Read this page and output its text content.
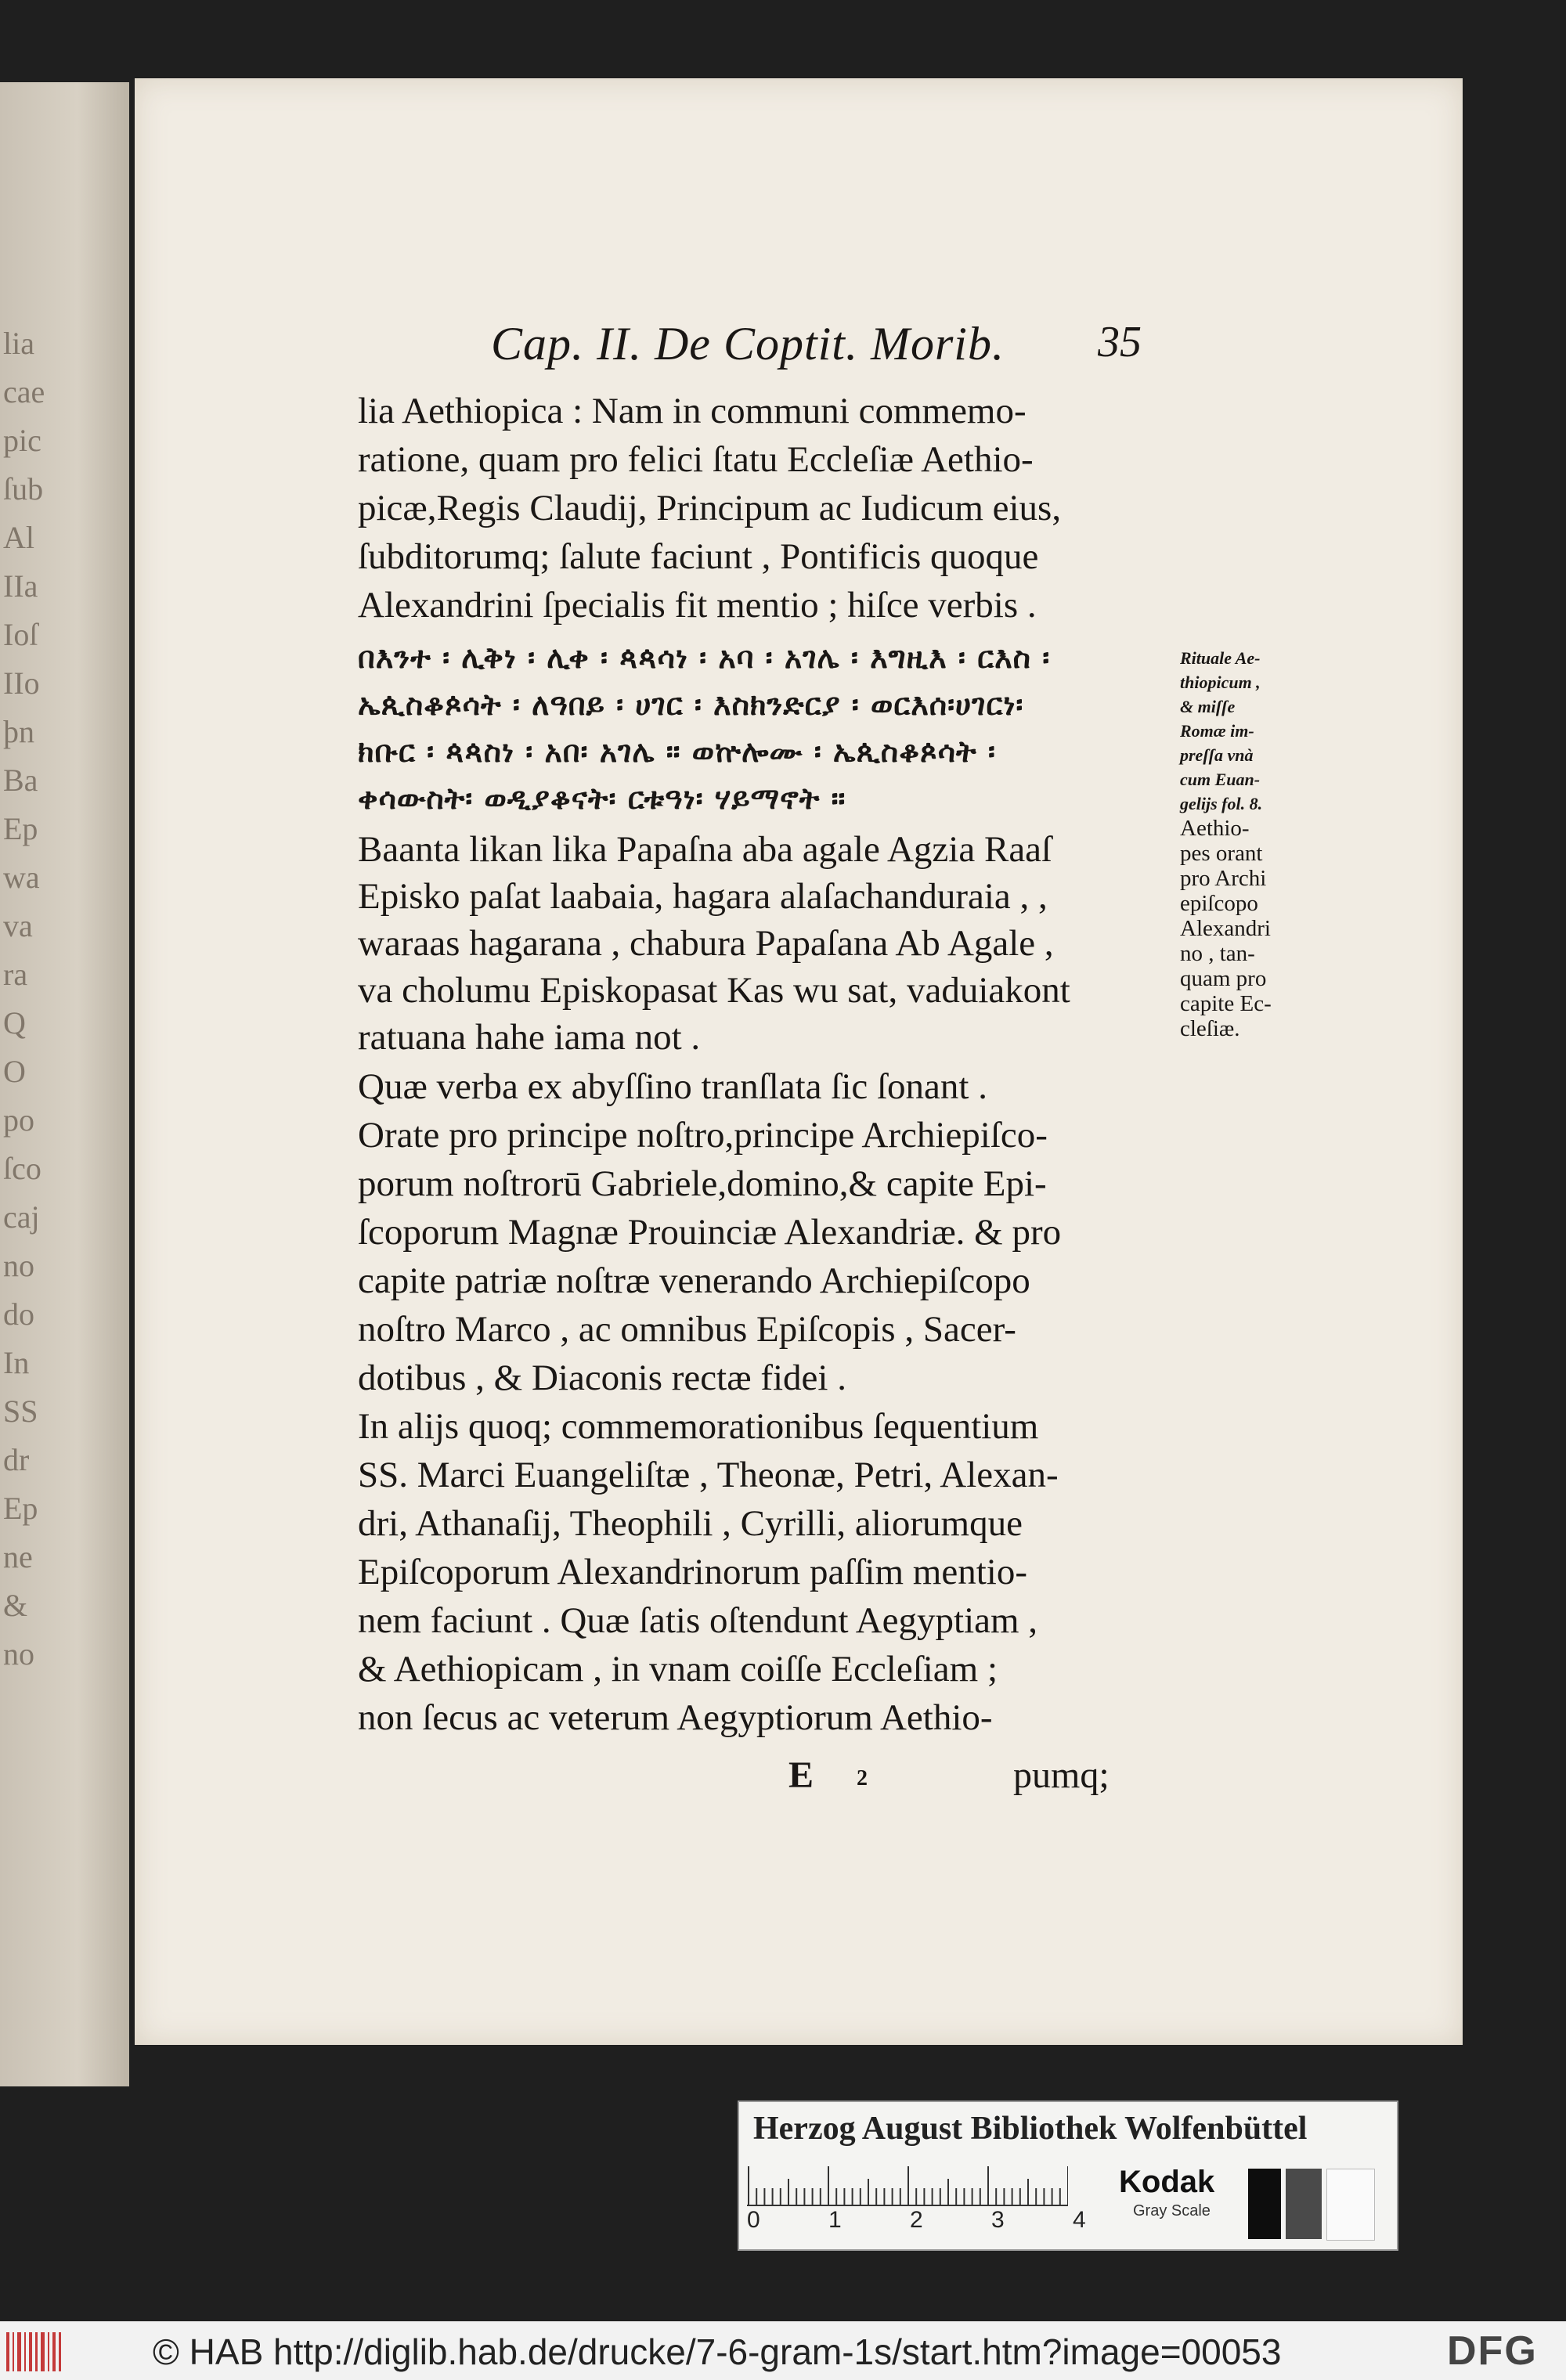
lia
cae
pic
ſub
Al
IIa
Ioſ
IIo
þn
Ba
Ep
wa
va
ra
Q
O
po
ſco
caj
no
do
In
SS
dr
Ep
ne
&
no
Cap. II. De Coptit. Morib. 35
lia Aethiopica : Nam in communi commemo-
ratione, quam pro felici ſtatu Eccleſiæ Aethio-
picæ,Regis Claudij, Principum ac Iudicum eius,
ſubditorumq; ſalute faciunt , Pontificis quoque
Alexandrini ſpecialis fit mentio ; hiſce verbis .
በእንተ ፡ ሊቅነ ፡ ሊቀ ፡ ጳጳሳነ ፡ አባ ፡ አገሌ ፡ እግዚእ ፡ ርእስ ፡
ኤጲስቆጶሳት ፡ ለዓበይ ፡ ሀገር ፡ እስክንድርያ ፡ ወርእሰ፡ሀገርነ፡
ክቡር ፡ ጳጳስነ ፡ አበ፡ አገሌ ። ወኵሎሙ ፡ ኤጲስቆጶሳት ፡
ቀሳውስት፡ ወዲያቆናት፡ ርቱዓነ፡ ሃይማኖት ።
Baanta likan lika Papaſna aba agale Agzia Raaſ
Episko paſat laabaia, hagara alaſachanduraia , ,
waraas hagarana , chabura Papaſana Ab Agale ,
va cholumu Episkopasat Kas wu sat, vaduiakont
ratuana hahe iama not .
Quæ verba ex abyſſino tranſlata ſic ſonant .
Orate pro principe noſtro,principe Archiepiſco-
porum noſtrorū Gabriele,domino,& capite Epi-
ſcoporum Magnæ Prouinciæ Alexandriæ. & pro
capite patriæ noſtræ venerando Archiepiſcopo
noſtro Marco , ac omnibus Epiſcopis , Sacer-
dotibus , & Diaconis rectæ fidei .
In alijs quoq; commemorationibus ſequentium
SS. Marci Euangeliſtæ , Theonæ, Petri, Alexan-
dri, Athanaſij, Theophili , Cyrilli, aliorumque
Epiſcoporum Alexandrinorum paſſim mentio-
nem faciunt . Quæ ſatis oſtendunt Aegyptiam ,
& Aethiopicam , in vnam coiſſe Eccleſiam ;
non ſecus ac veterum Aegyptiorum Aethio-
E 2	pumq;
Rituale Ae-
thiopicum ,
& miſſe
Romæ im-
preſſa vnà
cum Euan-
gelijs fol. 8.
Aethio-
pes orant
pro Archi
epiſcopo
Alexandri
no , tan-
quam pro
capite Ec-
cleſiæ.
Herzog August Bibliothek Wolfenbüttel
0	1	2	3	4
Kodak
Gray Scale
© HAB http://diglib.hab.de/drucke/7-6-gram-1s/start.htm?image=00053	DFG
